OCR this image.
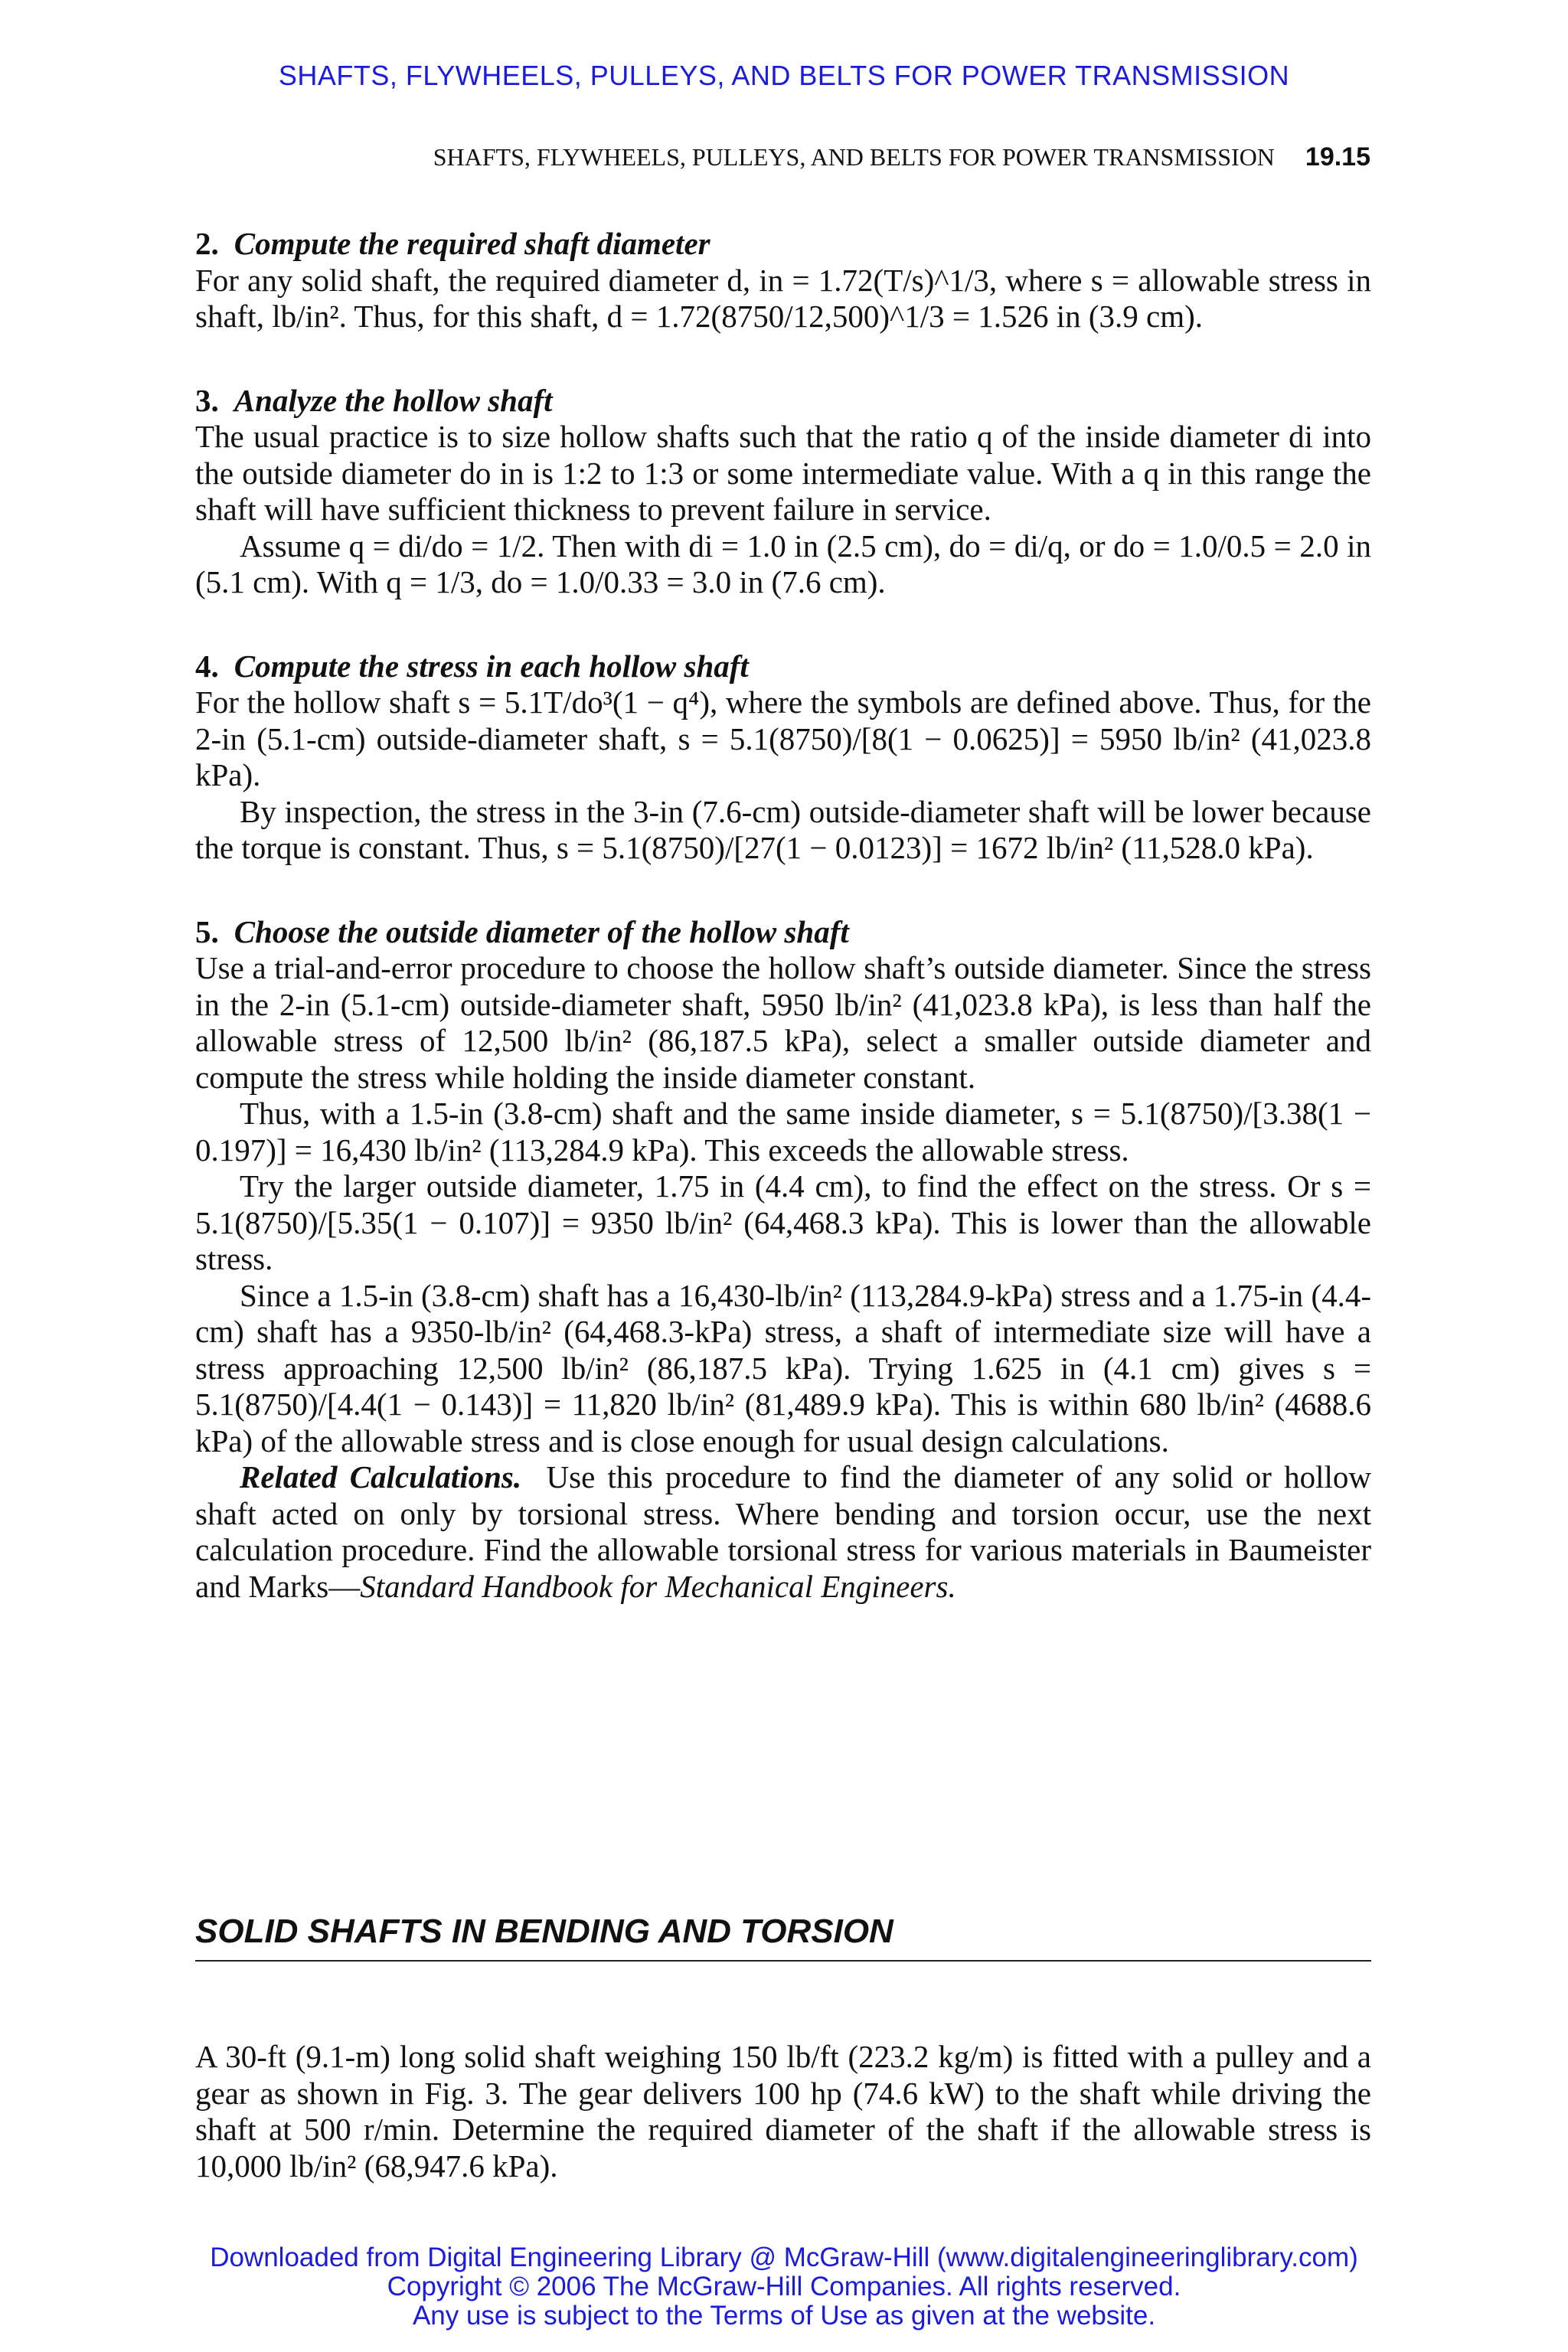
SHAFTS, FLYWHEELS, PULLEYS, AND BELTS FOR POWER TRANSMISSION
SHAFTS, FLYWHEELS, PULLEYS, AND BELTS FOR POWER TRANSMISSION 19.15

2. Compute the required shaft diameter

For any solid shaft, the required diameter d, in = 1.72(T/s)^1/3, where s = allowable stress in shaft, lb/in². Thus, for this shaft, d = 1.72(8750/12,500)^1/3 = 1.526 in (3.9 cm).

3. Analyze the hollow shaft

The usual practice is to size hollow shafts such that the ratio q of the inside diameter di into the outside diameter do in is 1:2 to 1:3 or some intermediate value. With a q in this range the shaft will have sufficient thickness to prevent failure in service.

Assume q = di/do = 1/2. Then with di = 1.0 in (2.5 cm), do = di/q, or do = 1.0/0.5 = 2.0 in (5.1 cm). With q = 1/3, do = 1.0/0.33 = 3.0 in (7.6 cm).

4. Compute the stress in each hollow shaft

For the hollow shaft s = 5.1T/do³(1 − q⁴), where the symbols are defined above. Thus, for the 2-in (5.1-cm) outside-diameter shaft, s = 5.1(8750)/[8(1 − 0.0625)] = 5950 lb/in² (41,023.8 kPa).

By inspection, the stress in the 3-in (7.6-cm) outside-diameter shaft will be lower because the torque is constant. Thus, s = 5.1(8750)/[27(1 − 0.0123)] = 1672 lb/in² (11,528.0 kPa).

5. Choose the outside diameter of the hollow shaft

Use a trial-and-error procedure to choose the hollow shaft’s outside diameter. Since the stress in the 2-in (5.1-cm) outside-diameter shaft, 5950 lb/in² (41,023.8 kPa), is less than half the allowable stress of 12,500 lb/in² (86,187.5 kPa), select a smaller outside diameter and compute the stress while holding the inside diameter constant.

Thus, with a 1.5-in (3.8-cm) shaft and the same inside diameter, s = 5.1(8750)/[3.38(1 − 0.197)] = 16,430 lb/in² (113,284.9 kPa). This exceeds the allowable stress.

Try the larger outside diameter, 1.75 in (4.4 cm), to find the effect on the stress. Or s = 5.1(8750)/[5.35(1 − 0.107)] = 9350 lb/in² (64,468.3 kPa). This is lower than the allowable stress.

Since a 1.5-in (3.8-cm) shaft has a 16,430-lb/in² (113,284.9-kPa) stress and a 1.75-in (4.4-cm) shaft has a 9350-lb/in² (64,468.3-kPa) stress, a shaft of intermediate size will have a stress approaching 12,500 lb/in² (86,187.5 kPa). Trying 1.625 in (4.1 cm) gives s = 5.1(8750)/[4.4(1 − 0.143)] = 11,820 lb/in² (81,489.9 kPa). This is within 680 lb/in² (4688.6 kPa) of the allowable stress and is close enough for usual design calculations.

Related Calculations. Use this procedure to find the diameter of any solid or hollow shaft acted on only by torsional stress. Where bending and torsion occur, use the next calculation procedure. Find the allowable torsional stress for various materials in Baumeister and Marks—Standard Handbook for Mechanical Engineers.

SOLID SHAFTS IN BENDING AND TORSION

A 30-ft (9.1-m) long solid shaft weighing 150 lb/ft (223.2 kg/m) is fitted with a pulley and a gear as shown in Fig. 3. The gear delivers 100 hp (74.6 kW) to the shaft while driving the shaft at 500 r/min. Determine the required diameter of the shaft if the allowable stress is 10,000 lb/in² (68,947.6 kPa).

Downloaded from Digital Engineering Library @ McGraw-Hill (www.digitalengineeringlibrary.com)
Copyright © 2006 The McGraw-Hill Companies. All rights reserved.
Any use is subject to the Terms of Use as given at the website.
